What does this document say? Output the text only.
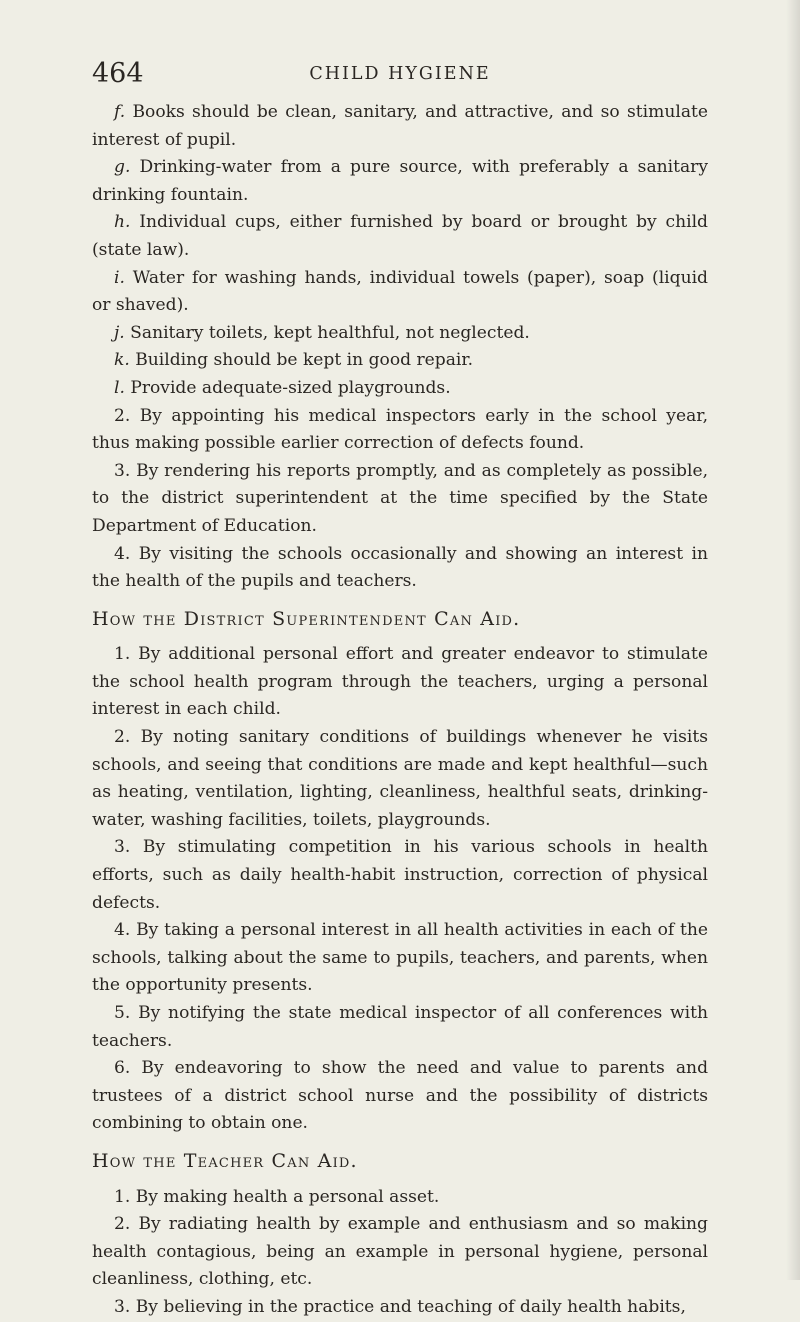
464	CHILD HYGIENE

f. Books should be clean, sanitary, and attractive, and so stimulate interest of pupil.

g. Drinking-water from a pure source, with preferably a sanitary drinking fountain.

h. Individual cups, either furnished by board or brought by child (state law).

i. Water for washing hands, individual towels (paper), soap (liquid or shaved).

j. Sanitary toilets, kept healthful, not neglected.

k. Building should be kept in good repair.

l. Provide adequate-sized playgrounds.

2. By appointing his medical inspectors early in the school year, thus making possible earlier correction of defects found.

3. By rendering his reports promptly, and as completely as possible, to the district superintendent at the time specified by the State Department of Education.

4. By visiting the schools occasionally and showing an interest in the health of the pupils and teachers.

How the District Superintendent Can Aid.

1. By additional personal effort and greater endeavor to stimulate the school health program through the teachers, urging a personal interest in each child.

2. By noting sanitary conditions of buildings whenever he visits schools, and seeing that conditions are made and kept healthful—such as heating, ventilation, lighting, cleanliness, healthful seats, drinking-water, washing facilities, toilets, playgrounds.

3. By stimulating competition in his various schools in health efforts, such as daily health-habit instruction, correction of physical defects.

4. By taking a personal interest in all health activities in each of the schools, talking about the same to pupils, teachers, and parents, when the opportunity presents.

5. By notifying the state medical inspector of all conferences with teachers.

6. By endeavoring to show the need and value to parents and trustees of a district school nurse and the possibility of districts combining to obtain one.

How the Teacher Can Aid.

1. By making health a personal asset.

2. By radiating health by example and enthusiasm and so making health contagious, being an example in personal hygiene, personal cleanliness, clothing, etc.

3. By believing in the practice and teaching of daily health habits,
